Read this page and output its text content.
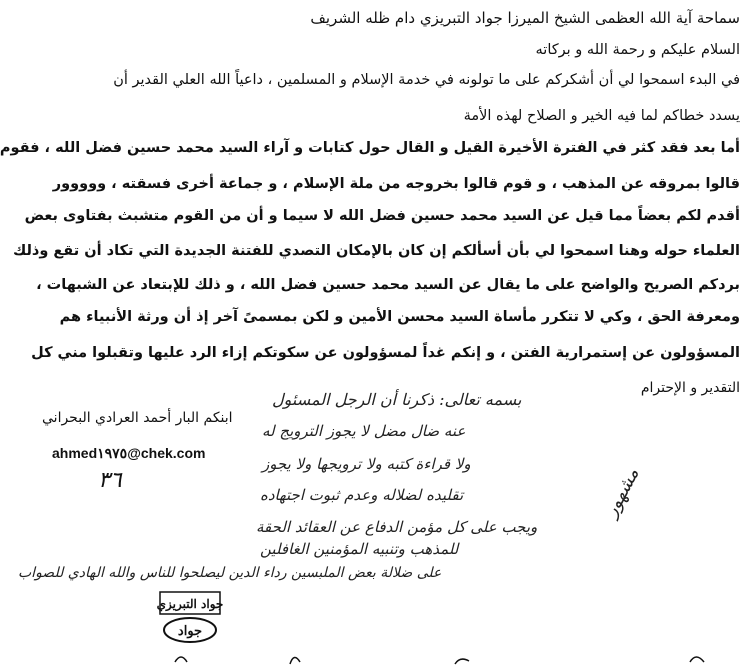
سماحة آية الله العظمى الشيخ الميرزا جواد التبريزي دام ظله الشريف
السلام عليكم و رحمة الله و بركاته
في البدء اسمحوا لي أن أشكركم على ما تولونه في خدمة الإسلام و المسلمين ، داعياً الله العلي القدير أن
يسدد خطاكم لما فيه الخير و الصلاح لهذه الأمة
أما بعد فقد كثر في الفترة الأخيرة القيل و القال حول كتابات و آراء السيد محمد حسين فضل الله ، فقوم
قالوا بمروقه عن المذهب ، و قوم قالوا بخروجه من ملة الإسلام ، و جماعة أخرى فسقته ، ووووور
أقدم لكم بعضاً مما قيل عن السيد محمد حسين فضل الله لا سيما و أن من القوم متشبث بفتاوى بعض
العلماء حوله وهنا اسمحوا لي بأن أسألكم إن كان بالإمكان التصدي للفتنة الجديدة التي تكاد أن تقع وذلك
بردكم الصريح والواضح على ما يقال عن السيد محمد حسين فضل الله ، و ذلك للإبتعاد عن الشبهات ،
ومعرفة الحق ، وكي لا تتكرر مأساة السيد محسن الأمين و لكن بمسمىً آخر إذ أن ورثة الأنبياء هم
المسؤولون عن إستمرارية الفتن ، و إنكم غداً لمسؤولون عن سكوتكم إزاء الرد عليها وتقبلوا مني كل
التقدير و الإحترام
ابنكم البار أحمد العرادي البحراني
ahmed١٩٧٥@chek.com
٣٦
بسمه تعالى: ذكرنا أن الرجل المسئول
عنه ضال مضل لا يجوز الترويج له
ولا قراءة كتبه ولا ترويجها ولا يجوز
تقليده لضلاله وعدم ثبوت اجتهاده
ويجب على كل مؤمن الدفاع عن العقائد الحقة
للمذهب وتنبيه المؤمنين الغافلين
على ضلالة بعض الملبسين رداء الدين ليصلحوا للناس والله الهادي للصواب
مشهور
جواد التبريزي
جواد
